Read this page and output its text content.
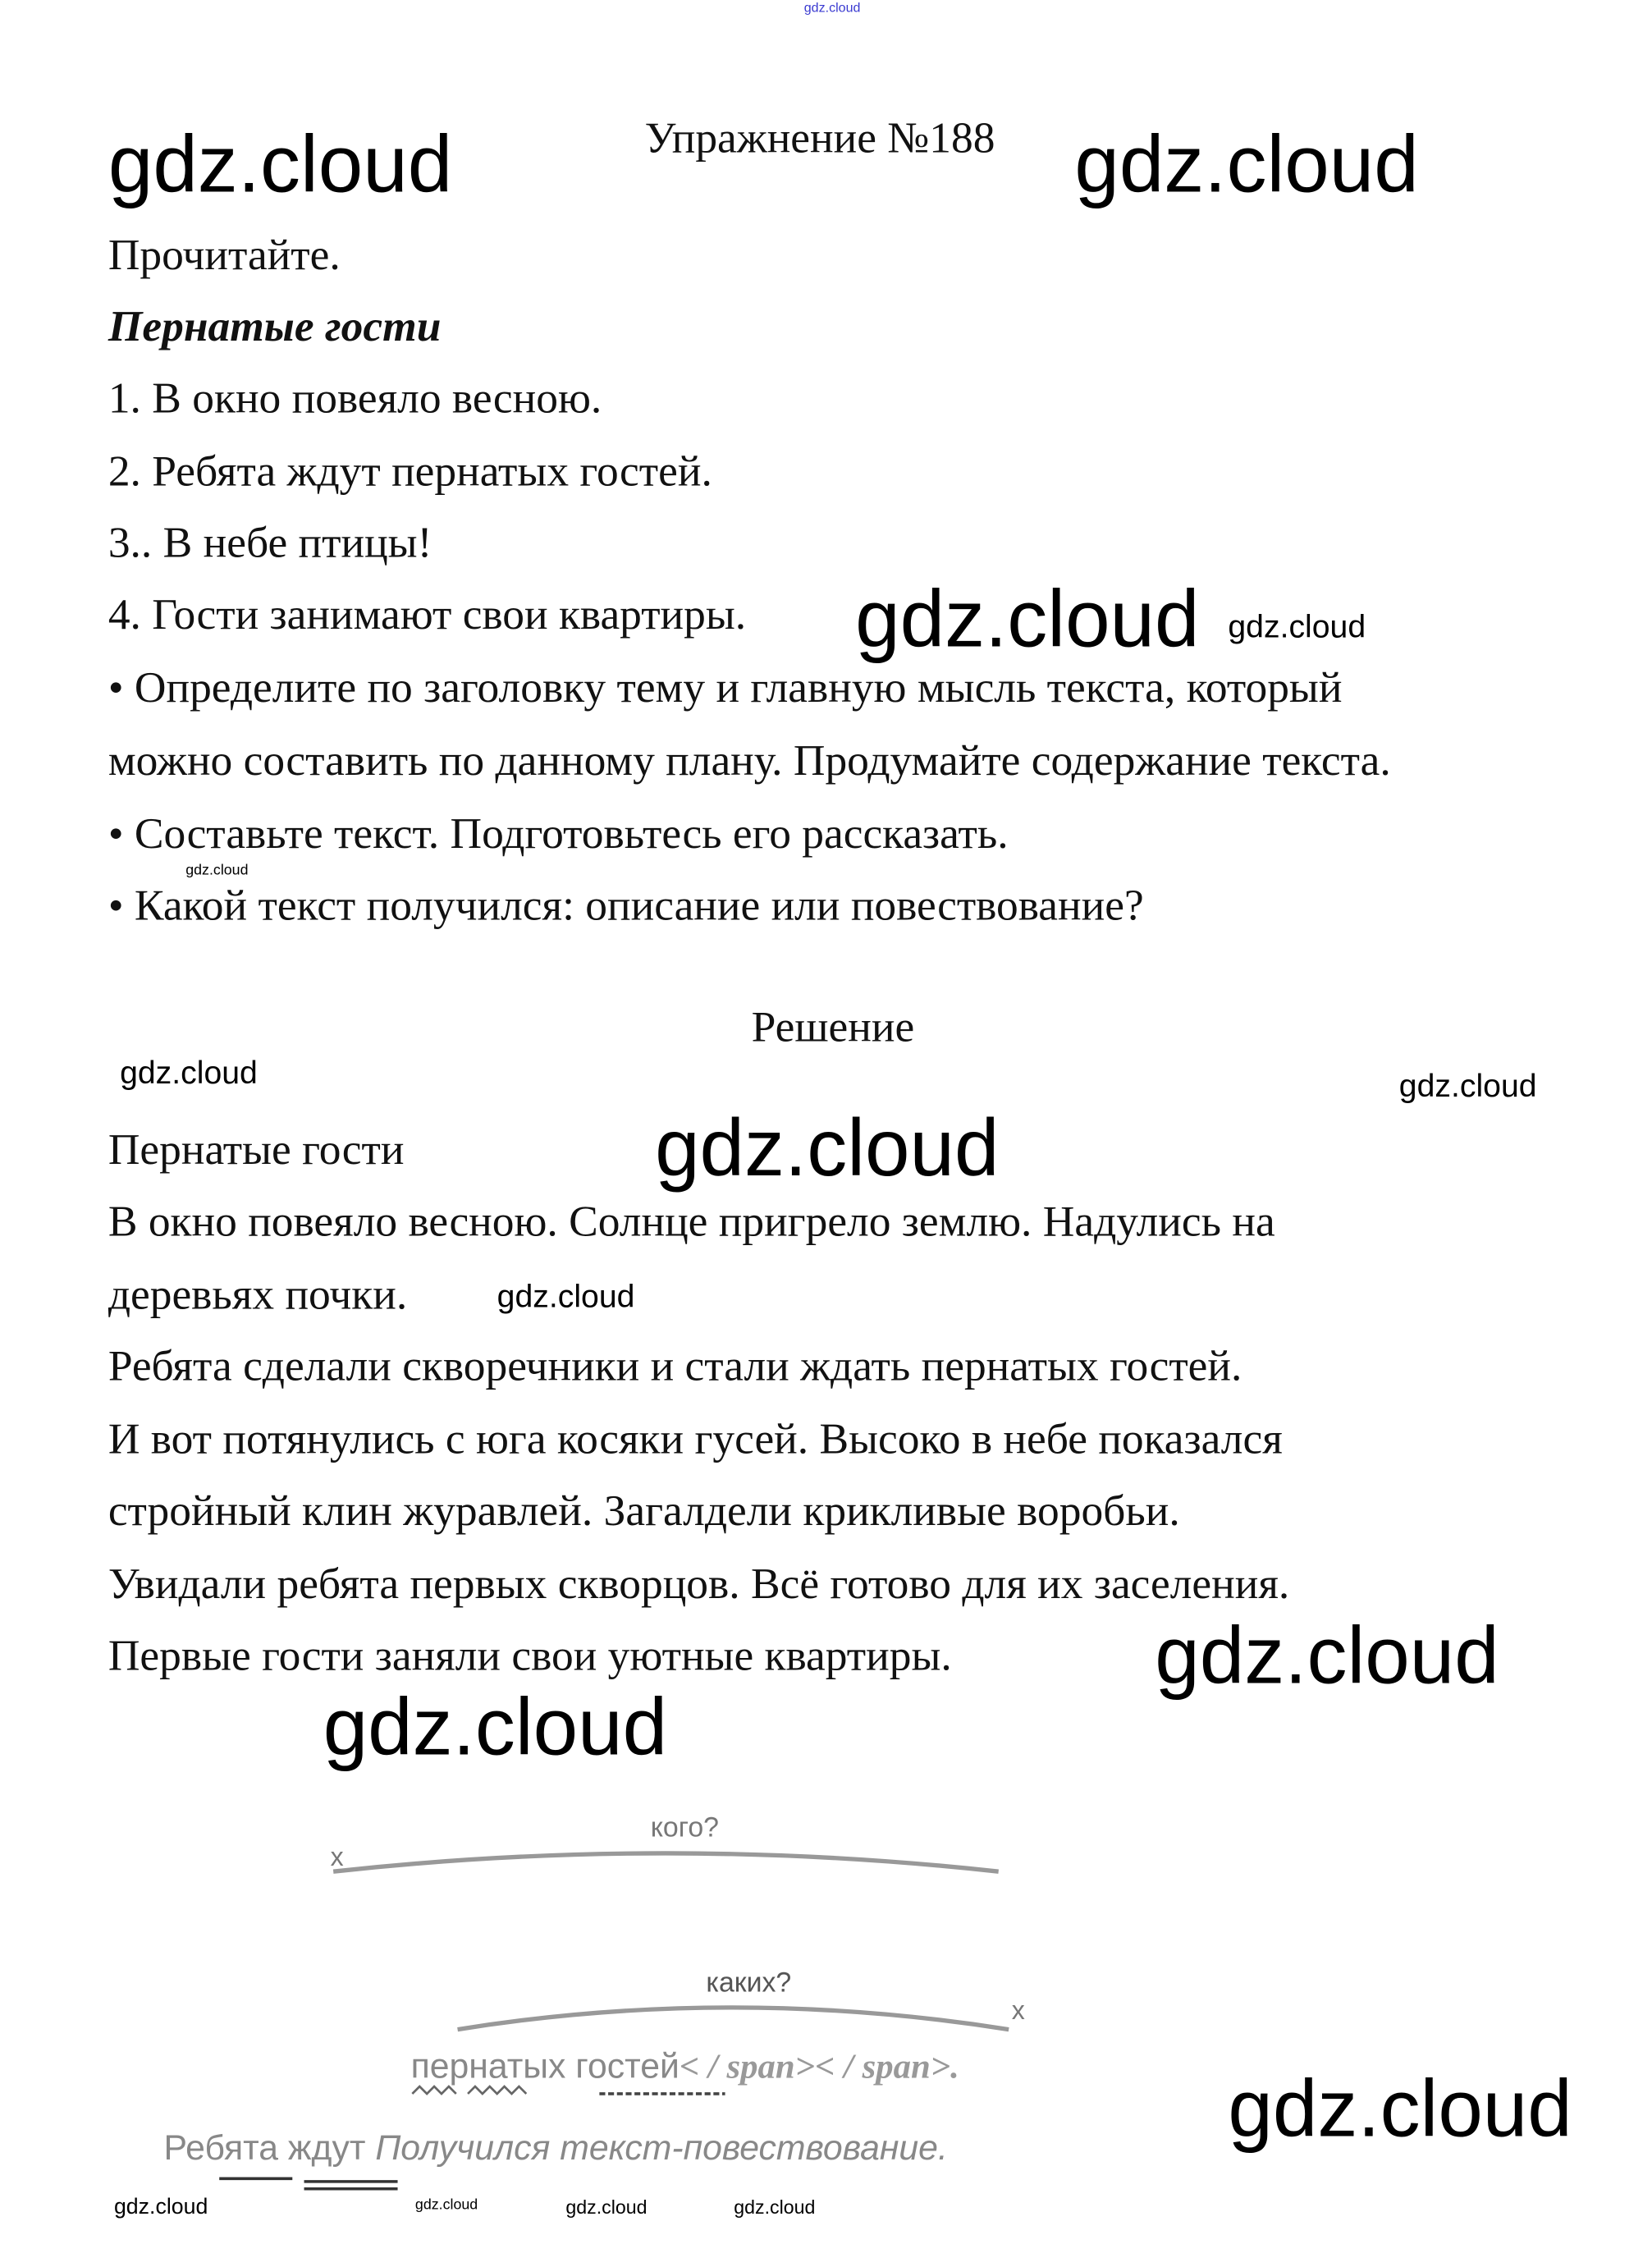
gdz.cloud
gdz.cloud	Упражнение №188 gdz.cloud
Прочитайте.
Пернатые гости
1. В окно повеяло весною.
2. Ребята ждут пернатых гостей.
3.. В небе птицы!
4. Гости занимают свои квартиры. gdz.cloud gdz.cloud
• Определите по заголовку тему и главную мысль текста, который
можно составить по данному плану. Продумайте содержание текста.
• Составьте текст. Подготовьтесь его рассказать.
gdz.cloud
• Какой текст получился: описание или повествование?
Решение
gdz.cloud	gdz.cloud
Пернатые гости	gdz.cloud
В окно повеяло весною. Солнце пригрело землю. Надулись на
деревьях почки.	gdz.cloud
Ребята сделали скворечники и стали ждать пернатых гостей.
И вот потянулись с юга косяки гусей. Высоко в небе показался
стройный клин журавлей. Загалдели крикливые воробьи.
Увидали ребята первых скворцов. Всё готово для их заселения.
Первые гости заняли свои уютные квартиры.	gdz.cloud
gdz.cloud
кого?
x
каких?
x
пернатых гостей< / span>< / span>.	gdz.cloud
Ребята ждут Получился текст-повествование.
gdz.cloud	gdz.cloud	gdz.cloud	gdz.cloud
